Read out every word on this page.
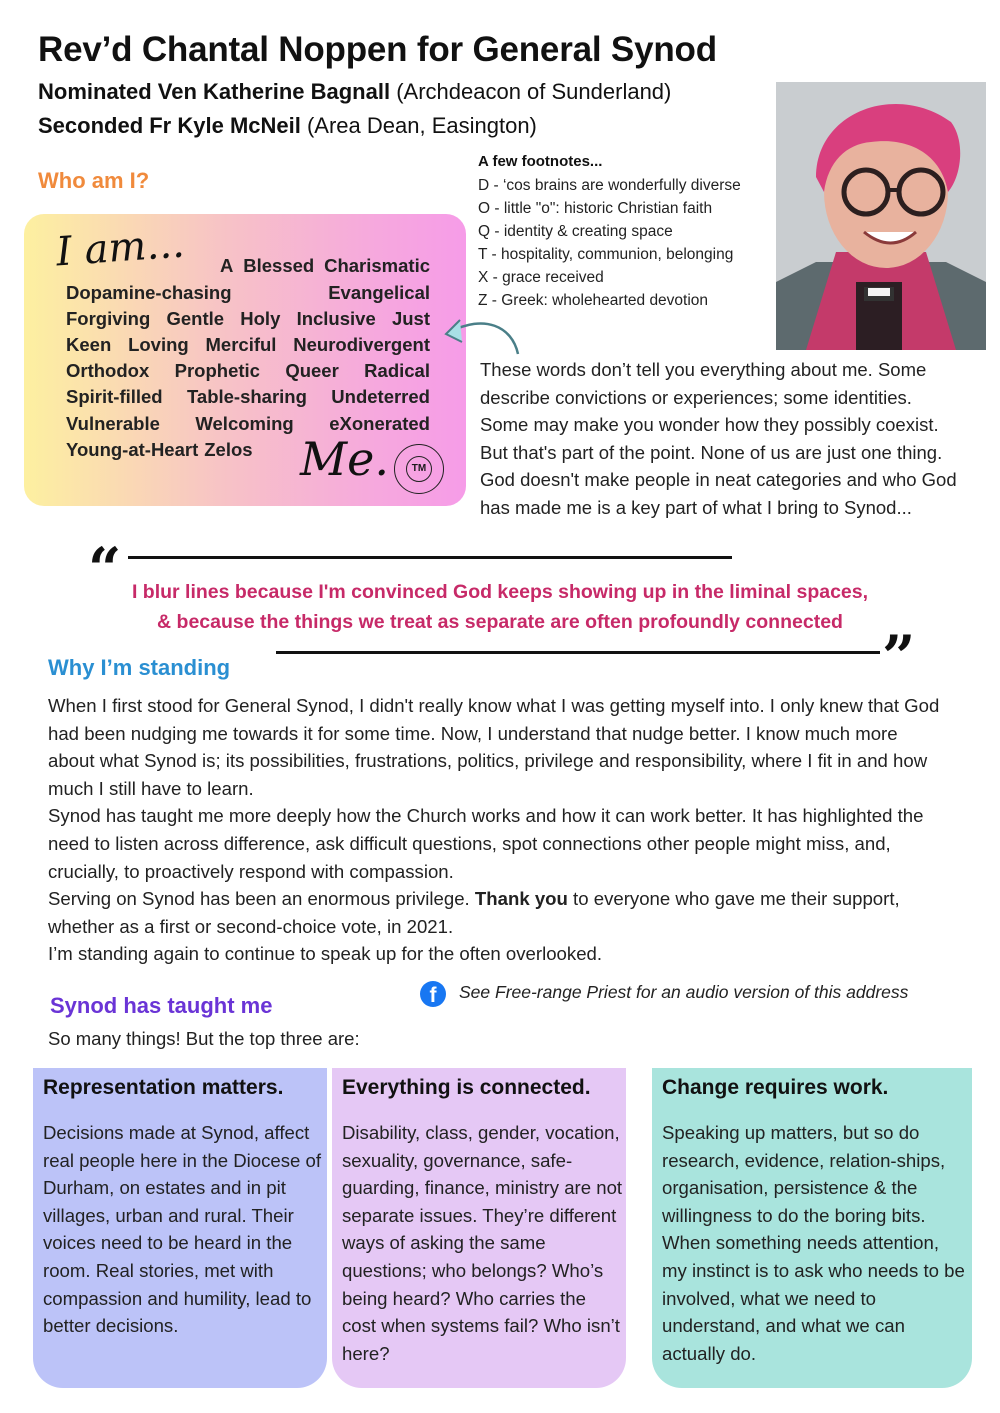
Rev’d Chantal Noppen for General Synod
Nominated Ven Katherine Bagnall (Archdeacon of Sunderland)
Seconded Fr Kyle McNeil (Area Dean, Easington)
Who am I?
I am... A Blessed Charismatic
Dopamine-chasing	Evangelical
Forgiving Gentle Holy Inclusive Just
Keen Loving Merciful Neurodivergent
Orthodox Prophetic Queer Radical
Spirit-filled Table-sharing Undeterred
Vulnerable Welcoming eXonerated
Young-at-Heart Zelos Me.	TM
A few footnotes...
D - ‘cos brains are wonderfully diverse
O - little "o": historic Christian faith
Q - identity & creating space
T - hospitality, communion, belonging
X - grace received
Z - Greek: wholehearted devotion
These words don’t tell you everything about me. Some describe convictions or experiences; some identities. Some may make you wonder how they possibly coexist. But that's part of the point. None of us are just one thing. God doesn't make people in neat categories and who God has made me is a key part of what I bring to Synod...
“ I blur lines because I'm convinced God keeps showing up in the liminal spaces,
& because the things we treat as separate are often profoundly connected
”
Why I’m standing
When I first stood for General Synod, I didn't really know what I was getting myself into. I only knew that God had been nudging me towards it for some time. Now, I understand that nudge better. I know much more about what Synod is; its possibilities, frustrations, politics, privilege and responsibility, where I fit in and how much I still have to learn.
Synod has taught me more deeply how the Church works and how it can work better. It has highlighted the need to listen across difference, ask difficult questions, spot connections other people might miss, and, crucially, to proactively respond with compassion.
Serving on Synod has been an enormous privilege. Thank you to everyone who gave me their support, whether as a first or second-choice vote, in 2021.
I’m standing again to continue to speak up for the often overlooked.
f	See Free-range Priest for an audio version of this address
Synod has taught me
So many things! But the top three are:
Representation matters.
Decisions made at Synod, affect real people here in the Diocese of Durham, on estates and in pit villages, urban and rural. Their voices need to be heard in the room. Real stories, met with compassion and humility, lead to better decisions.
Everything is connected.
Disability, class, gender, vocation, sexuality, governance, safe-guarding, finance, ministry are not separate issues. They’re different ways of asking the same questions; who belongs? Who’s being heard? Who carries the cost when systems fail? Who isn’t here?
Change requires work.
Speaking up matters, but so do research, evidence, relation-ships, organisation, persistence & the willingness to do the boring bits. When something needs attention, my instinct is to ask who needs to be involved, what we need to understand, and what we can actually do.
